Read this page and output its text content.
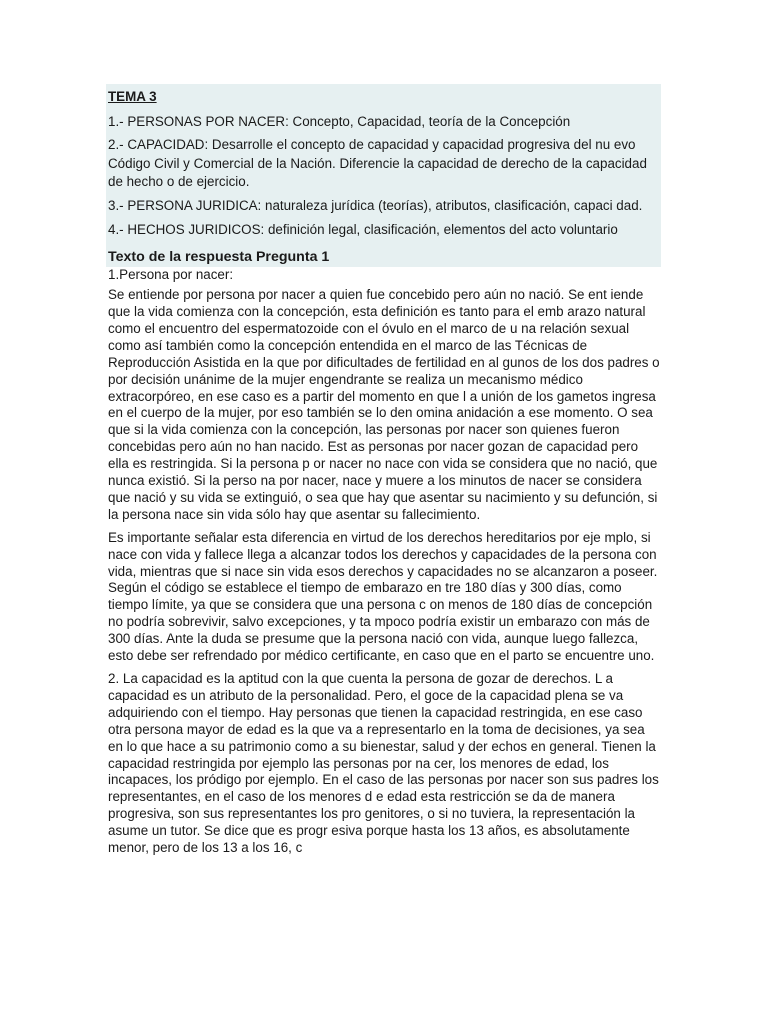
TEMA 3
1.- PERSONAS POR NACER: Concepto, Capacidad, teoría de la Concepción
2.- CAPACIDAD: Desarrolle el concepto de capacidad y capacidad progresiva del nu evo Código Civil y Comercial de la Nación. Diferencie la capacidad de derecho de la capacidad de hecho o de ejercicio.
3.- PERSONA JURIDICA: naturaleza jurídica (teorías), atributos, clasificación, capaci dad.
4.- HECHOS JURIDICOS: definición legal, clasificación, elementos del acto voluntario
Texto de la respuesta Pregunta 1

1.Persona por nacer:

Se entiende por persona por nacer a quien fue concebido pero aún no nació. Se ent iende que la vida comienza con la concepción, esta definición es tanto para el emb arazo natural como el encuentro del espermatozoide con el óvulo en el marco de u na relación sexual como así también como la concepción entendida en el marco de las Técnicas de Reproducción Asistida en la que por dificultades de fertilidad en al gunos de los dos padres o por decisión unánime de la mujer engendrante se realiza un mecanismo médico extracorpóreo, en ese caso es a partir del momento en que l a unión de los gametos ingresa en el cuerpo de la mujer, por eso también se lo den omina anidación a ese momento. O sea que si la vida comienza con la concepción, las personas por nacer son quienes fueron concebidas pero aún no han nacido. Est as personas por nacer gozan de capacidad pero ella es restringida. Si la persona p or nacer no nace con vida se considera que no nació, que nunca existió. Si la perso na por nacer, nace y muere a los minutos de nacer se considera que nació y su vida se extinguió, o sea que hay que asentar su nacimiento y su defunción, si la persona nace sin vida sólo hay que asentar su fallecimiento.

Es importante señalar esta diferencia en virtud de los derechos hereditarios por eje mplo, si nace con vida y fallece llega a alcanzar todos los derechos y capacidades de la persona con vida, mientras que si nace sin vida esos derechos y capacidades no se alcanzaron a poseer. Según el código se establece el tiempo de embarazo en tre 180 días y 300 días, como tiempo límite, ya que se considera que una persona c on menos de 180 días de concepción no podría sobrevivir, salvo excepciones, y ta mpoco podría existir un embarazo con más de 300 días. Ante la duda se presume que la persona nació con vida, aunque luego fallezca, esto debe ser refrendado por médico certificante, en caso que en el parto se encuentre uno.

2. La capacidad es la aptitud con la que cuenta la persona de gozar de derechos. L a capacidad es un atributo de la personalidad. Pero, el goce de la capacidad plena se va adquiriendo con el tiempo. Hay personas que tienen la capacidad restringida, en ese caso otra persona mayor de edad es la que va a representarlo en la toma de decisiones, ya sea en lo que hace a su patrimonio como a su bienestar, salud y der echos en general. Tienen la capacidad restringida por ejemplo las personas por na cer, los menores de edad, los incapaces, los pródigo por ejemplo. En el caso de las personas por nacer son sus padres los representantes, en el caso de los menores d e edad esta restricción se da de manera progresiva, son sus representantes los pro genitores, o si no tuviera, la representación la asume un tutor. Se dice que es progr esiva porque hasta los 13 años, es absolutamente menor, pero de los 13 a los 16, c
